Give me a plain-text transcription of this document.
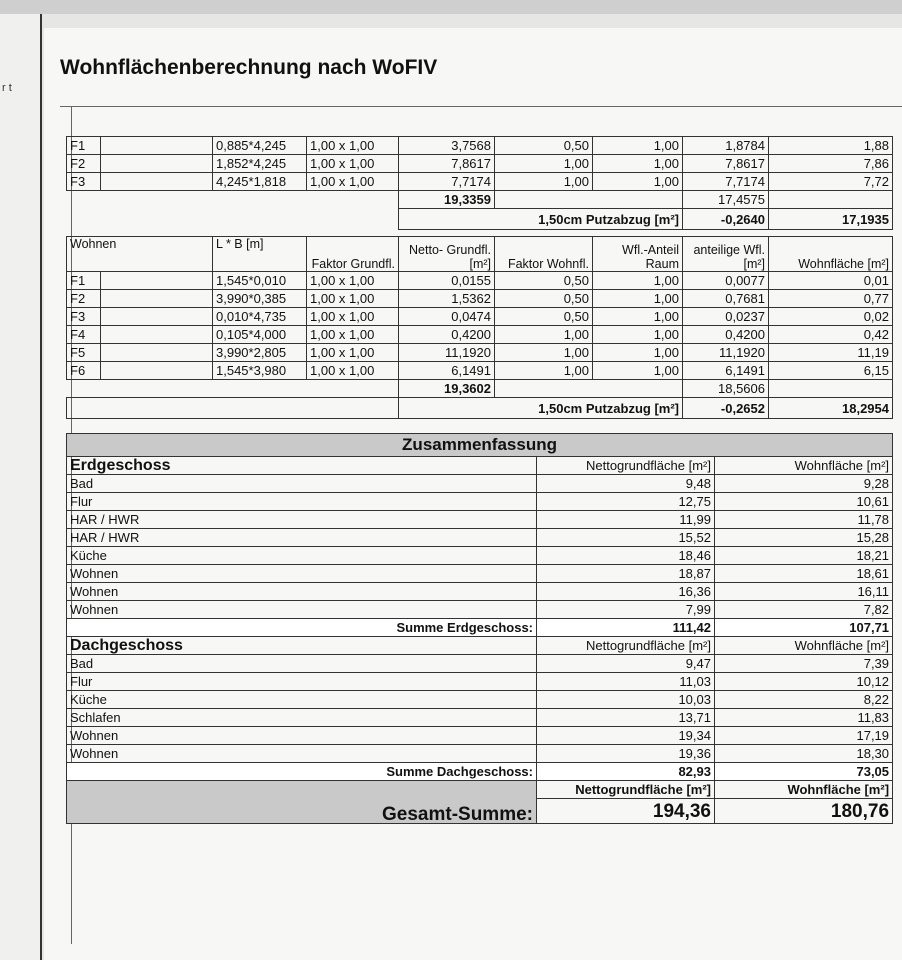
r t
Wohnflächenberechnung nach WoFIV
F1		0,885*4,245	1,00 x 1,00	3,7568	0,50	1,00	1,8784	1,88
F2		1,852*4,245	1,00 x 1,00	7,8617	1,00	1,00	7,8617	7,86
F3		4,245*1,818	1,00 x 1,00	7,7174	1,00	1,00	7,7174	7,72
				19,3359			17,4575	
				1,50cm Putzabzug [m²]			-0,2640	17,1935
Wohnen		L * B [m]	Faktor Grundfl.	Netto- Grundfl. [m²]	Faktor Wohnfl.	Wfl.-Anteil Raum	anteilige Wfl.[m²]	Wohnfläche [m²]
F1		1,545*0,010	1,00 x 1,00	0,0155	0,50	1,00	0,0077	0,01
F2		3,990*0,385	1,00 x 1,00	1,5362	0,50	1,00	0,7681	0,77
F3		0,010*4,735	1,00 x 1,00	0,0474	0,50	1,00	0,0237	0,02
F4		0,105*4,000	1,00 x 1,00	0,4200	1,00	1,00	0,4200	0,42
F5		3,990*2,805	1,00 x 1,00	11,1920	1,00	1,00	11,1920	11,19
F6		1,545*3,980	1,00 x 1,00	6,1491	1,00	1,00	6,1491	6,15
				19,3602			18,5606	
				1,50cm Putzabzug [m²]			-0,2652	18,2954
Zusammenfassung		
Erdgeschoss	Nettogrundfläche [m²]	Wohnfläche [m²]
Bad	9,48	9,28
Flur	12,75	10,61
HAR / HWR	11,99	11,78
HAR / HWR	15,52	15,28
Küche	18,46	18,21
Wohnen	18,87	18,61
Wohnen	16,36	16,11
Wohnen	7,99	7,82
Summe Erdgeschoss:	111,42	107,71
Dachgeschoss	Nettogrundfläche [m²]	Wohnfläche [m²]
Bad	9,47	7,39
Flur	11,03	10,12
Küche	10,03	8,22
Schlafen	13,71	11,83
Wohnen	19,34	17,19
Wohnen	19,36	18,30
Summe Dachgeschoss:	82,93	73,05
Gesamt-Summe:	Nettogrundfläche [m²]	Wohnfläche [m²]
	194,36	180,76
